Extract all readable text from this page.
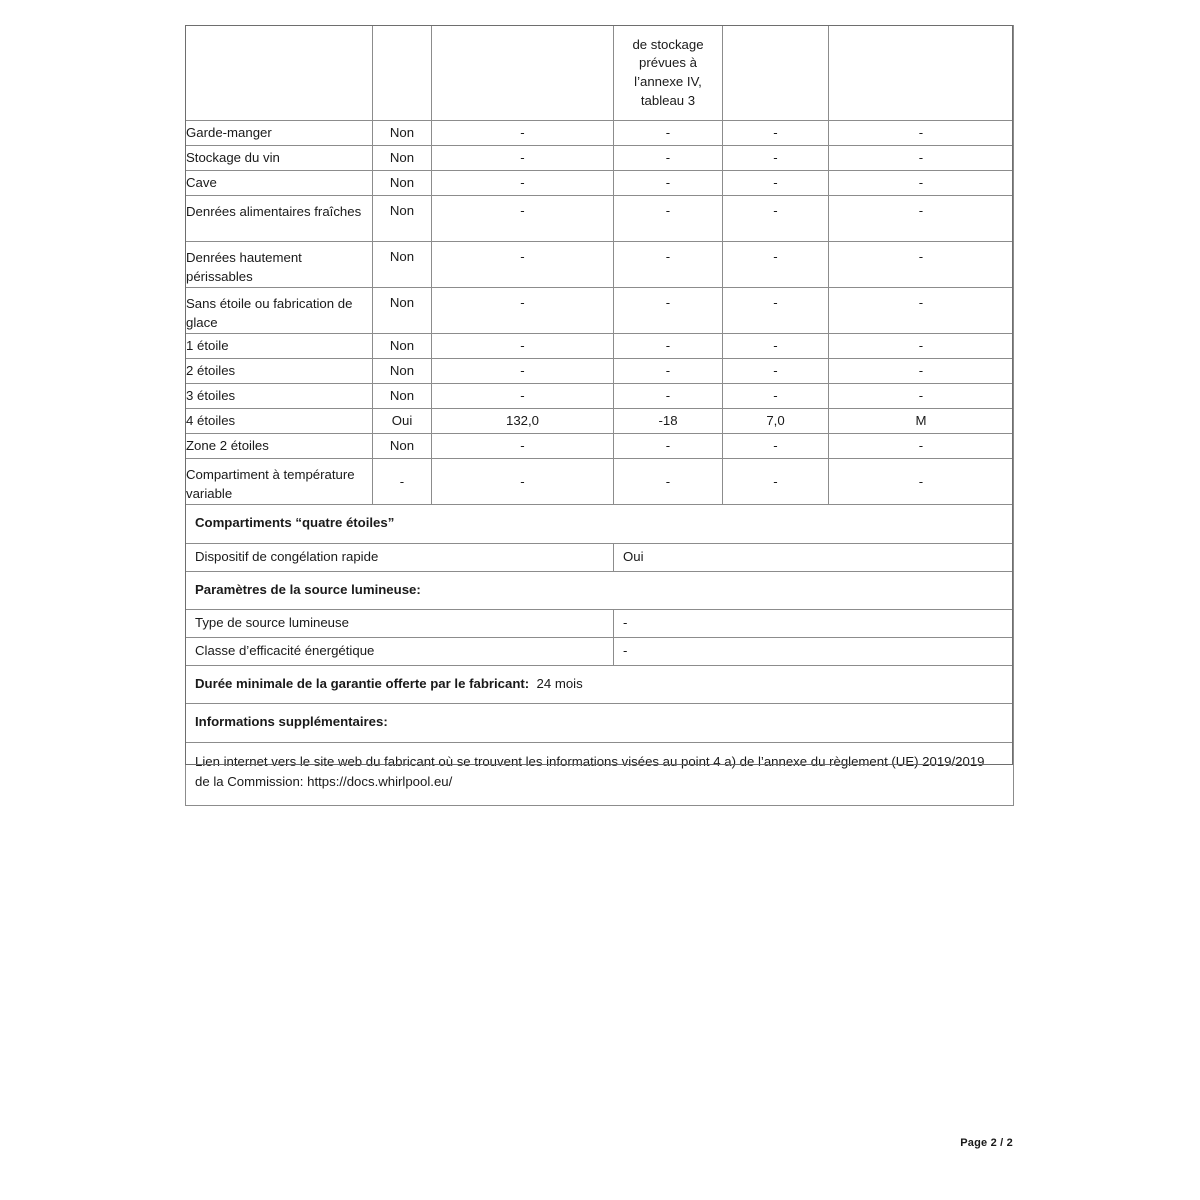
			de stockage
prévues à
l’annexe IV,
tableau 3		
Garde-manger	Non	-	-	-	-
Stockage du vin	Non	-	-	-	-
Cave	Non	-	-	-	-
Denrées alimentaires fraîches	Non	-	-	-	-
Denrées hautement périssables	Non	-	-	-	-
Sans étoile ou fabrication de glace	Non	-	-	-	-
1 étoile	Non	-	-	-	-
2 étoiles	Non	-	-	-	-
3 étoiles	Non	-	-	-	-
4 étoiles	Oui	132,0	-18	7,0	M
Zone 2 étoiles	Non	-	-	-	-
Compartiment à température variable	-	-	-	-	-
Compartiments “quatre étoiles”					
Dispositif de congélation rapide			Oui		
Paramètres de la source lumineuse:					
Type de source lumineuse			-		
Classe d’efficacité énergétique			-		
Durée minimale de la garantie offerte par le fabricant: 24 mois					
Informations supplémentaires:					
Lien internet vers le site web du fabricant où se trouvent les informations visées au point 4 a) de l’annexe du règlement (UE) 2019/2019 de la Commission: https://docs.whirlpool.eu/					
Page 2 / 2
